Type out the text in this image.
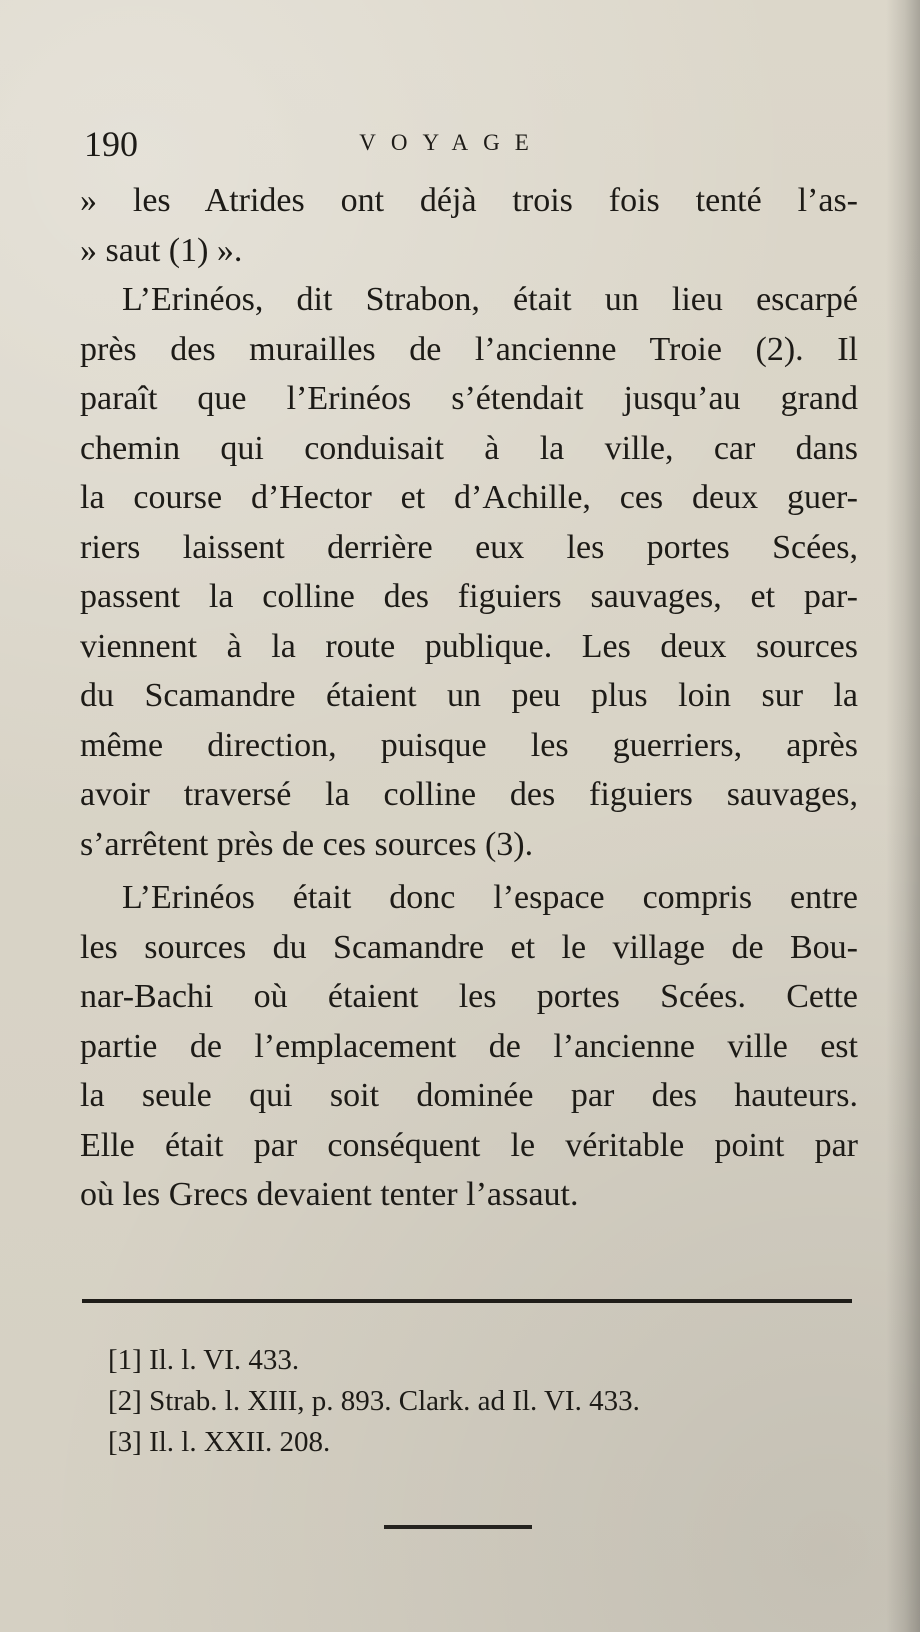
190	VOYAGE
» les Atrides ont déjà trois fois tenté l’as-
» saut (1) ».
L’Erinéos, dit Strabon, était un lieu escarpé
près des murailles de l’ancienne Troie (2). Il
paraît que l’Erinéos s’étendait jusqu’au grand
chemin qui conduisait à la ville, car dans
la course d’Hector et d’Achille, ces deux guer-
riers laissent derrière eux les portes Scées,
passent la colline des figuiers sauvages, et par-
viennent à la route publique. Les deux sources
du Scamandre étaient un peu plus loin sur la
même direction, puisque les guerriers, après
avoir traversé la colline des figuiers sauvages,
s’arrêtent près de ces sources (3).
L’Erinéos était donc l’espace compris entre
les sources du Scamandre et le village de Bou-
nar-Bachi où étaient les portes Scées. Cette
partie de l’emplacement de l’ancienne ville est
la seule qui soit dominée par des hauteurs.
Elle était par conséquent le véritable point par
où les Grecs devaient tenter l’assaut.
[1] Il. l. VI. 433.
[2] Strab. l. XIII, p. 893. Clark. ad Il. VI. 433.
[3] Il. l. XXII. 208.
